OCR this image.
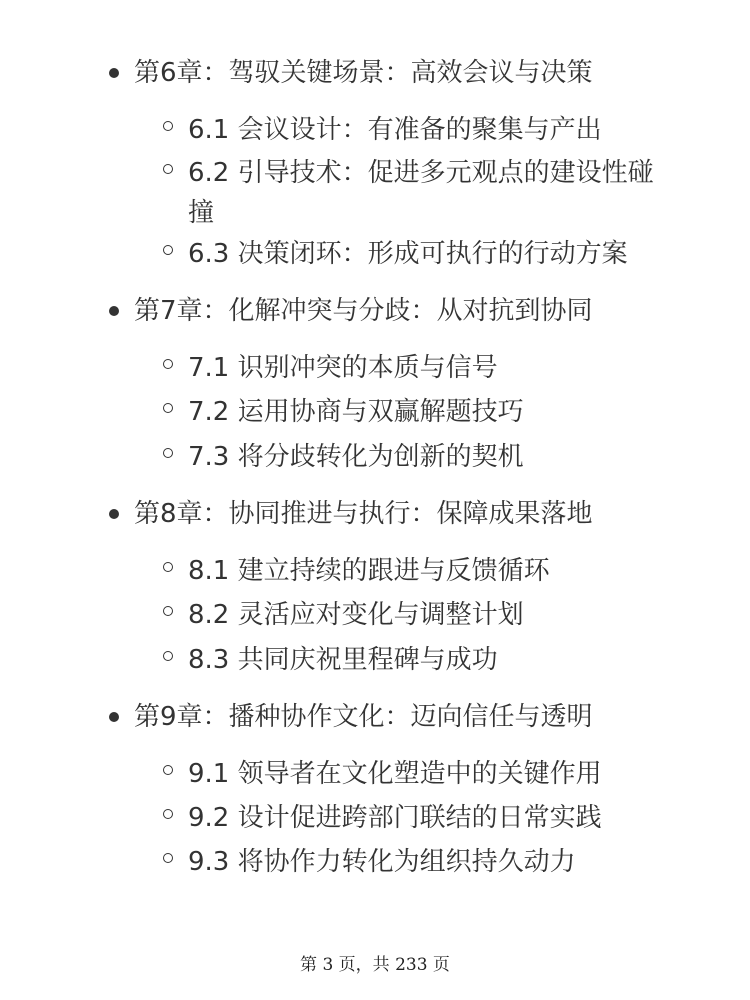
第6章：驾驭关键场景：高效会议与决策
6.1 会议设计：有准备的聚集与产出
6.2 引导技术：促进多元观点的建设性碰撞
6.3 决策闭环：形成可执行的行动方案
第7章：化解冲突与分歧：从对抗到协同
7.1 识别冲突的本质与信号
7.2 运用协商与双赢解题技巧
7.3 将分歧转化为创新的契机
第8章：协同推进与执行：保障成果落地
8.1 建立持续的跟进与反馈循环
8.2 灵活应对变化与调整计划
8.3 共同庆祝里程碑与成功
第9章：播种协作文化：迈向信任与透明
9.1 领导者在文化塑造中的关键作用
9.2 设计促进跨部门联结的日常实践
9.3 将协作力转化为组织持久动力
第 3 页，共 233 页
